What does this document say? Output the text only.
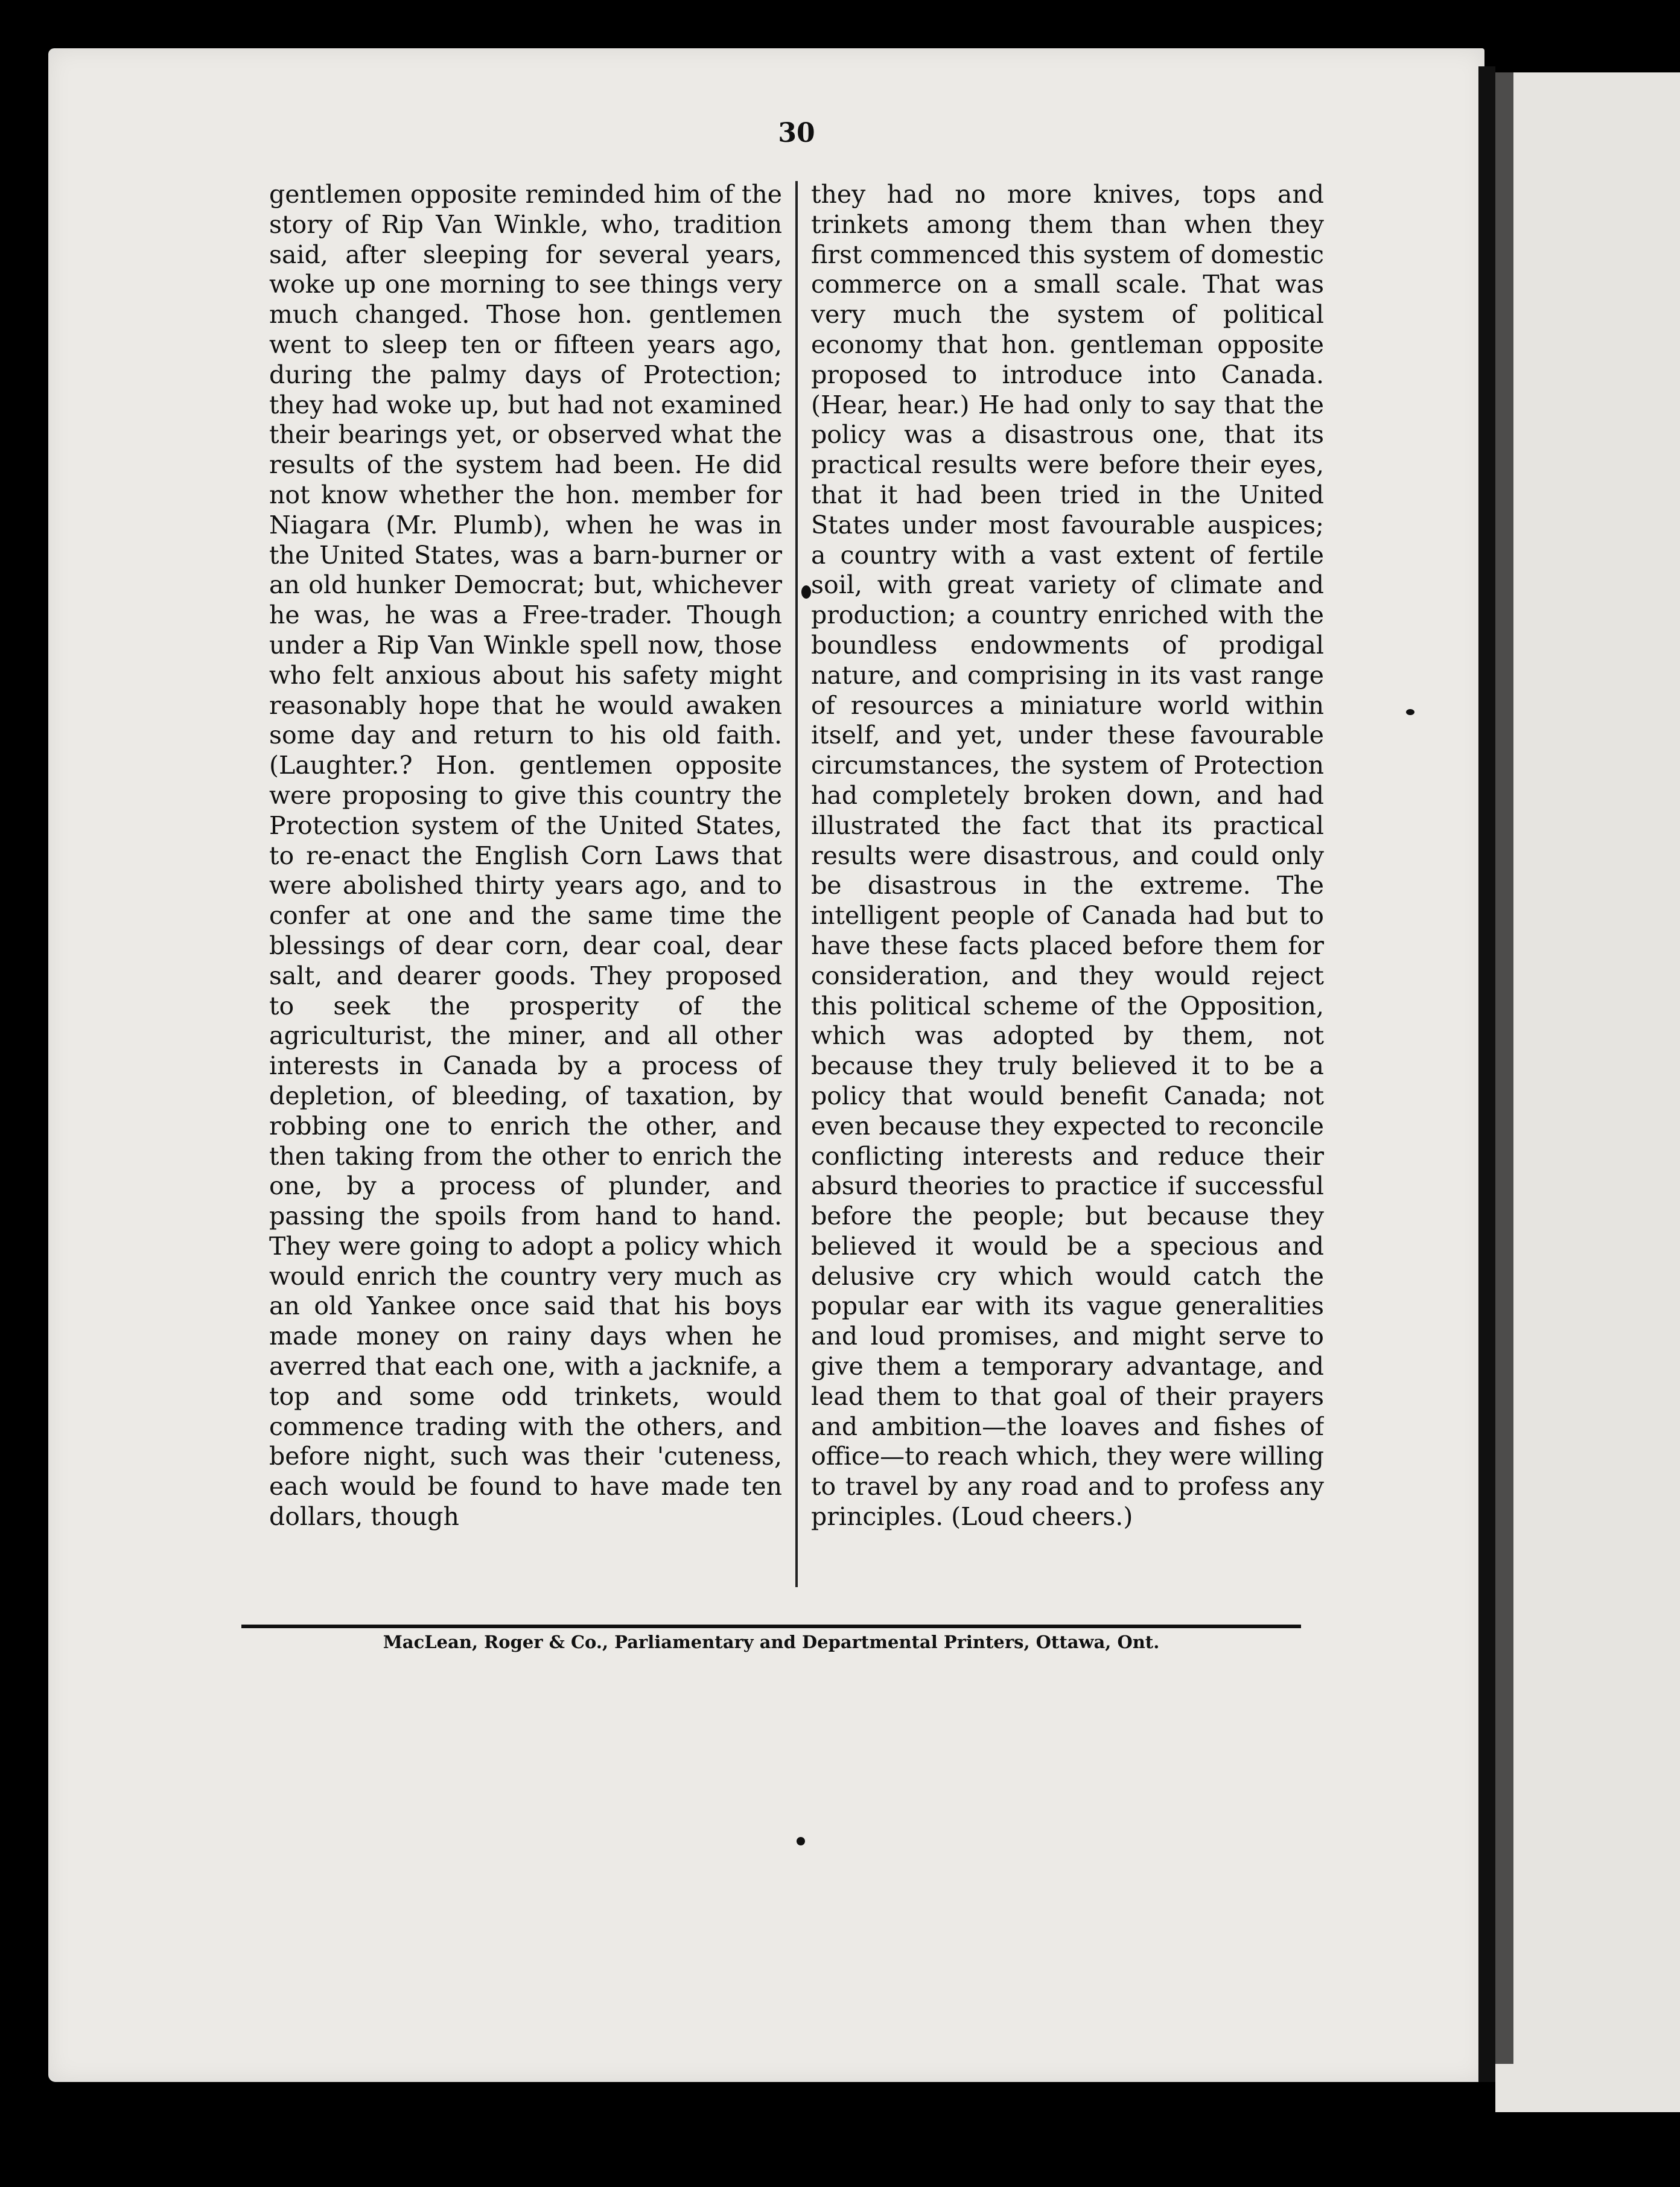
30

gentlemen opposite reminded him of the story of Rip Van Winkle, who, tradition said, after sleeping for several years, woke up one morning to see things very much changed. Those hon. gentlemen went to sleep ten or fifteen years ago, during the palmy days of Protection; they had woke up, but had not examined their bearings yet, or observed what the results of the system had been. He did not know whether the hon. member for Niagara (Mr. Plumb), when he was in the United States, was a barn-burner or an old hunker Democrat; but, whichever he was, he was a Free-trader. Though under a Rip Van Winkle spell now, those who felt anxious about his safety might reasonably hope that he would awaken some day and return to his old faith. (Laughter.? Hon. gentlemen opposite were proposing to give this country the Protection system of the United States, to re-enact the English Corn Laws that were abolished thirty years ago, and to confer at one and the same time the blessings of dear corn, dear coal, dear salt, and dearer goods. They proposed to seek the prosperity of the agriculturist, the miner, and all other interests in Canada by a process of depletion, of bleeding, of taxation, by robbing one to enrich the other, and then taking from the other to enrich the one, by a process of plunder, and passing the spoils from hand to hand. They were going to adopt a policy which would enrich the country very much as an old Yankee once said that his boys made money on rainy days when he averred that each one, with a jacknife, a top and some odd trinkets, would commence trading with the others, and before night, such was their 'cuteness, each would be found to have made ten dollars, though

they had no more knives, tops and trinkets among them than when they first commenced this system of domestic commerce on a small scale. That was very much the system of political economy that hon. gentleman opposite proposed to introduce into Canada. (Hear, hear.) He had only to say that the policy was a disastrous one, that its practical results were before their eyes, that it had been tried in the United States under most favourable auspices; a country with a vast extent of fertile soil, with great variety of climate and production; a country enriched with the boundless endowments of prodigal nature, and comprising in its vast range of resources a miniature world within itself, and yet, under these favourable circumstances, the system of Protection had completely broken down, and had illustrated the fact that its practical results were disastrous, and could only be disastrous in the extreme. The intelligent people of Canada had but to have these facts placed before them for consideration, and they would reject this political scheme of the Opposition, which was adopted by them, not because they truly believed it to be a policy that would benefit Canada; not even because they expected to reconcile conflicting interests and reduce their absurd theories to practice if successful before the people; but because they believed it would be a specious and delusive cry which would catch the popular ear with its vague generalities and loud promises, and might serve to give them a temporary advantage, and lead them to that goal of their prayers and ambition—the loaves and fishes of office—to reach which, they were willing to travel by any road and to profess any principles. (Loud cheers.)

MacLean, Roger & Co., Parliamentary and Departmental Printers, Ottawa, Ont.
